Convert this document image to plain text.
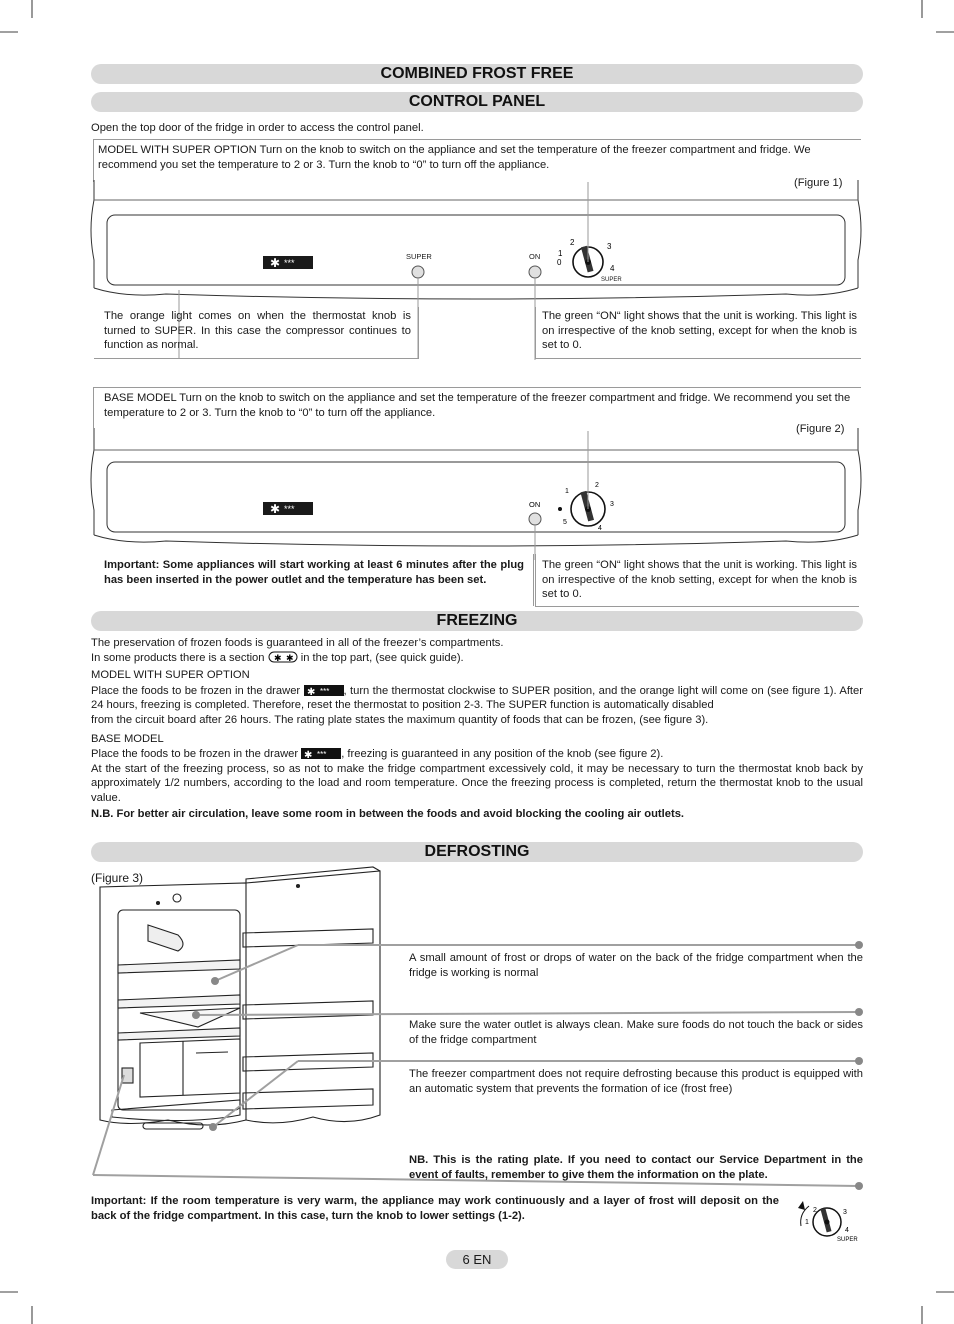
COMBINED FROST FREE
CONTROL PANEL
Open the top door of the fridge in order to access the control panel.
MODEL WITH SUPER OPTION Turn on the knob to switch on the appliance and set the temperature of the freezer compartment and fridge. We recommend you set the temperature to 2 or 3. Turn the knob to “0” to turn off the appliance.
(Figure 1)
✱ ***
2	3
1
0
4
SUPER	ON
SUPER
The orange light comes on when the thermostat knob is turned to SUPER. In this case the compressor continues to function as normal.
The green “ON“ light shows that the unit is working. This light is on irrespective of the knob setting, except for when the knob is set to 0.
BASE MODEL Turn on the knob to switch on the appliance and set the temperature of the freezer compartment and fridge. We recommend you set the temperature to 2 or 3. Turn the knob to “0” to turn off the appliance.
(Figure 2)
✱ ***
1
2
3
4
5
ON
Important: Some appliances will start working at least 6 minutes after the plug has been inserted in the power outlet and the temperature has been set.
The green “ON“ light shows that the unit is working. This light is on irrespective of the knob setting, except for when the knob is set to 0.
FREEZING
The preservation of frozen foods is guaranteed in all of the freezer’s compartments.
In some products there is a section ✱ ✱ in the top part, (see quick guide).
MODEL WITH SUPER OPTION
Place the foods to be frozen in the drawer ✱ *** , turn the thermostat clockwise to SUPER position, and the orange light will come on (see figure 1). After 24 hours, freezing is completed. Therefore, reset the thermostat to position 2-3. The SUPER function is automatically disabled
from the circuit board after 26 hours. The rating plate states the maximum quantity of foods that can be frozen, (see figure 3).
BASE MODEL
Place the foods to be frozen in the drawer ✱ *** , freezing is guaranteed in any position of the knob (see figure 2).
At the start of the freezing process, so as not to make the fridge compartment excessively cold, it may be necessary to turn the thermostat knob back by approximately 1/2 numbers, according to the load and room temperature. Once the freezing process is completed, return the thermostat knob to the usual value.
N.B. For better air circulation, leave some room in between the foods and avoid blocking the cooling air outlets.
DEFROSTING
(Figure 3)
A small amount of frost or drops of water on the back of the fridge compartment when the fridge is working is normal
Make sure the water outlet is always clean. Make sure foods do not touch the back or sides of the fridge compartment
The freezer compartment does not require defrosting because this product is equipped with an automatic system that prevents the formation of ice (frost free)
NB. This is the rating plate. If you need to contact our Service Department in the event of faults, remember to give them the information on the plate.
Important: If the room temperature is very warm, the appliance may work continuously and a layer of frost will deposit on the back of the fridge compartment. In this case, turn the knob to lower settings (1-2).	2	3
1
4
SUPER
6 EN
